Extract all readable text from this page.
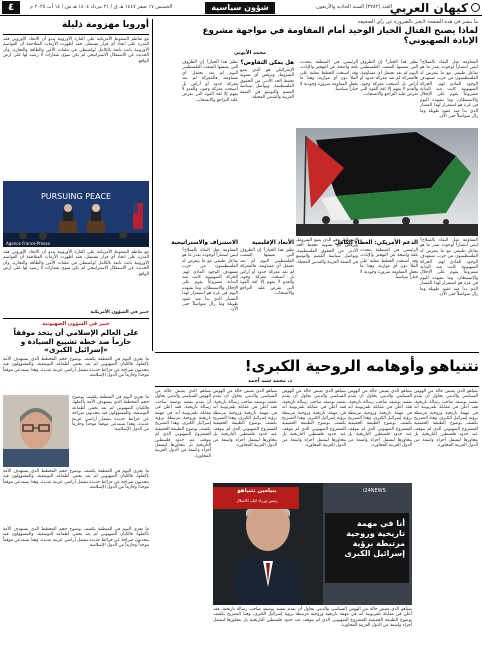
كيهان العربي
العدد (٣٧٨٢) السنة الحادية والأربعون
شؤون سياسية
الخميس ١٧ صفر ١٤٤٧ هـ ق / ٢١ مرداد ١٤٠٤ هـ ش / ١٤ آب ٢٠٢٥ م
٤
ما ينشر في هذه الصفحة لايعبر بالضرورة عن رأي الصحيفة
لماذا يصبح القتال الخيار الوحيد أمام المقاومة في مواجهة مشروع الإبادة الصهيوني؟
محمد الأيوبي
المقاومة مثل البقاء بالسلاح؟ ليس انتصاراً لوجوده بقدر ما هو تفاعل طبيعي مع ما يتعرض له الفلسطينيون من حرب تستهدف الوجود المادي لهم. الحركة الصهيونية كانت منذ البداية مشروعاً يقوم على الإحلال والاستيطان، وما نشهده اليوم في غزة هو استمرار لهذا المسار الذي بدأ منذ عقود طويلة وما زال متواصلاً حتى الآن.
نظير هذا الخيار؟ إن الظروف التي يعيشها الشعب الفلسطيني اليوم لم تعد تحتمل أي مساومة، فالمعركة لم تعد معركة حدود أو أراض بل أصبحت معركة وجود، والعدو لا يفهم إلا لغة القوة التي تفرض عليه التراجع والانسحاب.
الرئيسي في المنطقة يتحدث بلغة واضحة عن التهجير والإبادة، وقد أصبحت الخطط معلنة على الملأ دون أي مواربة، وهذا ما يجعل المقاومة ضرورة وجودية لا خياراً سياسياً.
هل يمكن التفاوض؟
الإسرائيلي هو الذي يضع الشروط، ويرفض أي تسوية تحفظ الحد الأدنى من الحقوق الفلسطينية، ويواصل سياسة القضم والتوسع في الضفة الغربية والقدس المحتلة.
نظير هذا الخيار؟ إن الظروف التي يعيشها الشعب الفلسطيني اليوم لم تعد تحتمل أي مساومة، فالمعركة لم تعد معركة حدود أو أراض بل أصبحت معركة وجود، والعدو لا يفهم إلا لغة القوة التي تفرض عليه التراجع والانسحاب.
المقاومة مثل البقاء بالسلاح؟ ليس انتصاراً لوجوده بقدر ما هو تفاعل طبيعي مع ما يتعرض له الفلسطينيون من حرب تستهدف الوجود المادي لهم. الحركة الصهيونية كانت منذ البداية مشروعاً يقوم على الإحلال والاستيطان، وما نشهده اليوم في غزة هو استمرار لهذا المسار الذي بدأ منذ عقود طويلة وما زال متواصلاً حتى الآن.
الدعم الأمريكي: الغطاء الكامل
الرئيسي في المنطقة يتحدث بلغة واضحة عن التهجير والإبادة، وقد أصبحت الخطط معلنة على الملأ دون أي مواربة، وهذا ما يجعل المقاومة ضرورة وجودية لا خياراً سياسياً.
الإسرائيلي هو الذي يضع الشروط، ويرفض أي تسوية تحفظ الحد الأدنى من الحقوق الفلسطينية، ويواصل سياسة القضم والتوسع في الضفة الغربية والقدس المحتلة.
الأبعاد الإقليمية
نظير هذا الخيار؟ إن الظروف التي يعيشها الشعب الفلسطيني اليوم لم تعد تحتمل أي مساومة، فالمعركة لم تعد معركة حدود أو أراض بل أصبحت معركة وجود، والعدو لا يفهم إلا لغة القوة التي تفرض عليه التراجع والانسحاب.
الاستنزاف والاستراتيجية
المقاومة مثل البقاء بالسلاح؟ ليس انتصاراً لوجوده بقدر ما هو تفاعل طبيعي مع ما يتعرض له الفلسطينيون من حرب تستهدف الوجود المادي لهم. الحركة الصهيونية كانت منذ البداية مشروعاً يقوم على الإحلال والاستيطان، وما نشهده اليوم في غزة هو استمرار لهذا المسار الذي بدأ منذ عقود طويلة وما زال متواصلاً حتى الآن.
أوروبا مهزومة ذليلة
مع تعاظم الضغوط الأمريكية على القارة الأوروبية يبدو أن الاتحاد الأوروبي فقد القدرة على اتخاذ أي قرار مستقل، فقد أظهرت الأزمات المتلاحقة أن العواصم الأوروبية باتت تابعة بالكامل لواشنطن في ملفات الأمن والطاقة والتجارة، وأن الحديث عن الاستقلال الاستراتيجي لم يكن سوى شعارات لا رصيد لها على أرض الواقع.
PURSUING PEACE
Agence France-Presse
مع تعاظم الضغوط الأمريكية على القارة الأوروبية يبدو أن الاتحاد الأوروبي فقد القدرة على اتخاذ أي قرار مستقل، فقد أظهرت الأزمات المتلاحقة أن العواصم الأوروبية باتت تابعة بالكامل لواشنطن في ملفات الأمن والطاقة والتجارة، وأن الحديث عن الاستقلال الاستراتيجي لم يكن سوى شعارات لا رصيد لها على أرض الواقع.
خبير في الشؤون الأمريكية
خبير في الشؤون الصهيونية
على العالم الإسلامي أن يتخذ موقفاً حازماً ضد خطة تشييع السيادة و «إسرائيل الكبرى»
ما يجري اليوم في المنطقة يكشف بوضوح حجم المخطط الذي يستهدف الأمة بأكملها، فالكيان الصهيوني لم يعد يخفي أطماعه التوسعية، والمسؤولون فيه يتحدثون صراحة عن خرائط جديدة تشمل أراضي عربية عديدة، وهذا يستدعي موقفاً موحداً وحازماً من الدول الإسلامية.
ما يجري اليوم في المنطقة يكشف بوضوح حجم المخطط الذي يستهدف الأمة بأكملها، فالكيان الصهيوني لم يعد يخفي أطماعه التوسعية، والمسؤولون فيه يتحدثون صراحة عن خرائط جديدة تشمل أراضي عربية عديدة، وهذا يستدعي موقفاً موحداً وحازماً من الدول الإسلامية.
ما يجري اليوم في المنطقة يكشف بوضوح حجم المخطط الذي يستهدف الأمة بأكملها، فالكيان الصهيوني لم يعد يخفي أطماعه التوسعية، والمسؤولون فيه يتحدثون صراحة عن خرائط جديدة تشمل أراضي عربية عديدة، وهذا يستدعي موقفاً موحداً وحازماً من الدول الإسلامية.
نتنياهو وأوهامه الروحية الكبرى!
د. محمد سيد أحمد
نتنياهو الذي يعيش حالة من الهوس السياسي والديني يحاول أن يقدم نفسه بوصفه صاحب رسالة تاريخية، فقد أعلن في مقابلة تلفزيونية أنه في مهمة تاريخية وروحية مرتبطة برؤية إسرائيل الكبرى، وهذا التصريح يكشف بوضوح الطبيعة الحقيقية للمشروع الصهيوني الذي لم يتوقف عند حدود فلسطين التاريخية بل يتجاوزها ليشمل أجزاء واسعة من الدول العربية المجاورة.
نتنياهو الذي يعيش حالة من الهوس السياسي والديني يحاول أن يقدم نفسه بوصفه صاحب رسالة تاريخية، فقد أعلن في مقابلة تلفزيونية أنه في مهمة تاريخية وروحية مرتبطة برؤية إسرائيل الكبرى، وهذا التصريح يكشف بوضوح الطبيعة الحقيقية للمشروع الصهيوني الذي لم يتوقف عند حدود فلسطين التاريخية بل يتجاوزها ليشمل أجزاء واسعة من الدول العربية المجاورة.
نتنياهو الذي يعيش حالة من الهوس السياسي والديني يحاول أن يقدم نفسه بوصفه صاحب رسالة تاريخية، فقد أعلن في مقابلة تلفزيونية أنه في مهمة تاريخية وروحية مرتبطة برؤية إسرائيل الكبرى، وهذا التصريح يكشف بوضوح الطبيعة الحقيقية للمشروع الصهيوني الذي لم يتوقف عند حدود فلسطين التاريخية بل يتجاوزها ليشمل أجزاء واسعة من الدول العربية المجاورة.
نتنياهو الذي يعيش حالة من الهوس السياسي والديني يحاول أن يقدم نفسه بوصفه صاحب رسالة تاريخية، فقد أعلن في مقابلة تلفزيونية أنه في مهمة تاريخية وروحية مرتبطة برؤية إسرائيل الكبرى، وهذا التصريح يكشف بوضوح الطبيعة الحقيقية للمشروع الصهيوني الذي لم يتوقف عند حدود فلسطين التاريخية بل يتجاوزها ليشمل أجزاء واسعة من الدول العربية المجاورة.
نتنياهو الذي يعيش حالة من الهوس السياسي والديني يحاول أن يقدم نفسه بوصفه صاحب رسالة تاريخية، فقد أعلن في مقابلة تلفزيونية أنه في مهمة تاريخية وروحية مرتبطة برؤية إسرائيل الكبرى، وهذا التصريح يكشف بوضوح الطبيعة الحقيقية للمشروع الصهيوني الذي لم يتوقف عند حدود فلسطين التاريخية بل يتجاوزها ليشمل أجزاء واسعة من الدول العربية المجاورة.
بنيامين نتنياهو
رئيس وزراء كيان الاحتلال
أنا في مهمة تاريخية وروحية مرتبطة برؤية إسرائيل الكبرى
i24NEWS
نتنياهو الذي يعيش حالة من الهوس السياسي والديني يحاول أن يقدم نفسه بوصفه صاحب رسالة تاريخية، فقد أعلن في مقابلة تلفزيونية أنه في مهمة تاريخية وروحية مرتبطة برؤية إسرائيل الكبرى، وهذا التصريح يكشف بوضوح الطبيعة الحقيقية للمشروع الصهيوني الذي لم يتوقف عند حدود فلسطين التاريخية بل يتجاوزها ليشمل أجزاء واسعة من الدول العربية المجاورة.
ما يجري اليوم في المنطقة يكشف بوضوح حجم المخطط الذي يستهدف الأمة بأكملها، فالكيان الصهيوني لم يعد يخفي أطماعه التوسعية، والمسؤولون فيه يتحدثون صراحة عن خرائط جديدة تشمل أراضي عربية عديدة، وهذا يستدعي موقفاً موحداً وحازماً من الدول الإسلامية.
